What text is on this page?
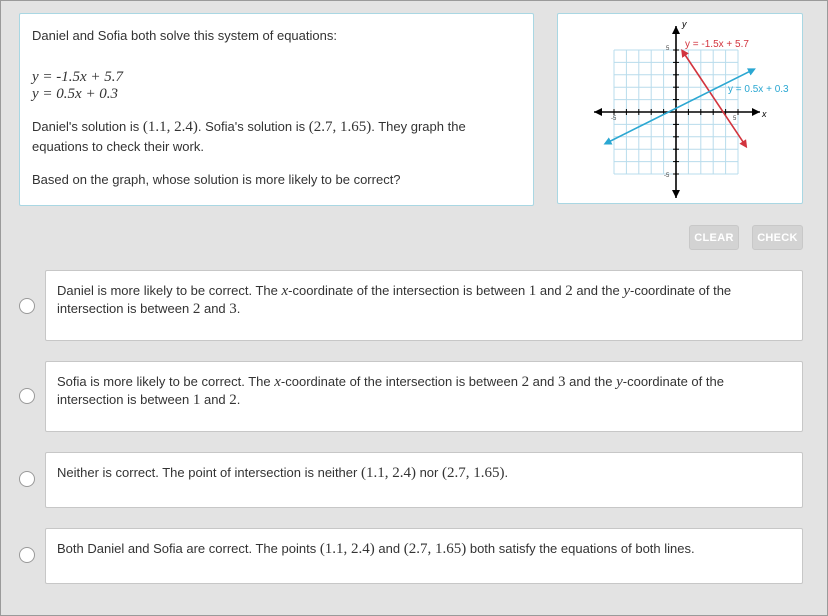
Daniel and Sofia both solve this system of equations:

y = -1.5x + 5.7
y = 0.5x + 0.3

Daniel's solution is (1.1, 2.4). Sofia's solution is (2.7, 1.65). They graph the equations to check their work.

Based on the graph, whose solution is more likely to be correct?

x
y
-5	5
5
-5
y = -1.5x + 5.7
y = 0.5x + 0.3
CLEAR	CHECK
Daniel is more likely to be correct. The x-coordinate of the intersection is between 1 and 2 and the y-coordinate of the intersection is between 2 and 3.
Sofia is more likely to be correct. The x-coordinate of the intersection is between 2 and 3 and the y-coordinate of the intersection is between 1 and 2.
Neither is correct. The point of intersection is neither (1.1, 2.4) nor (2.7, 1.65).
Both Daniel and Sofia are correct. The points (1.1, 2.4) and (2.7, 1.65) both satisfy the equations of both lines.
